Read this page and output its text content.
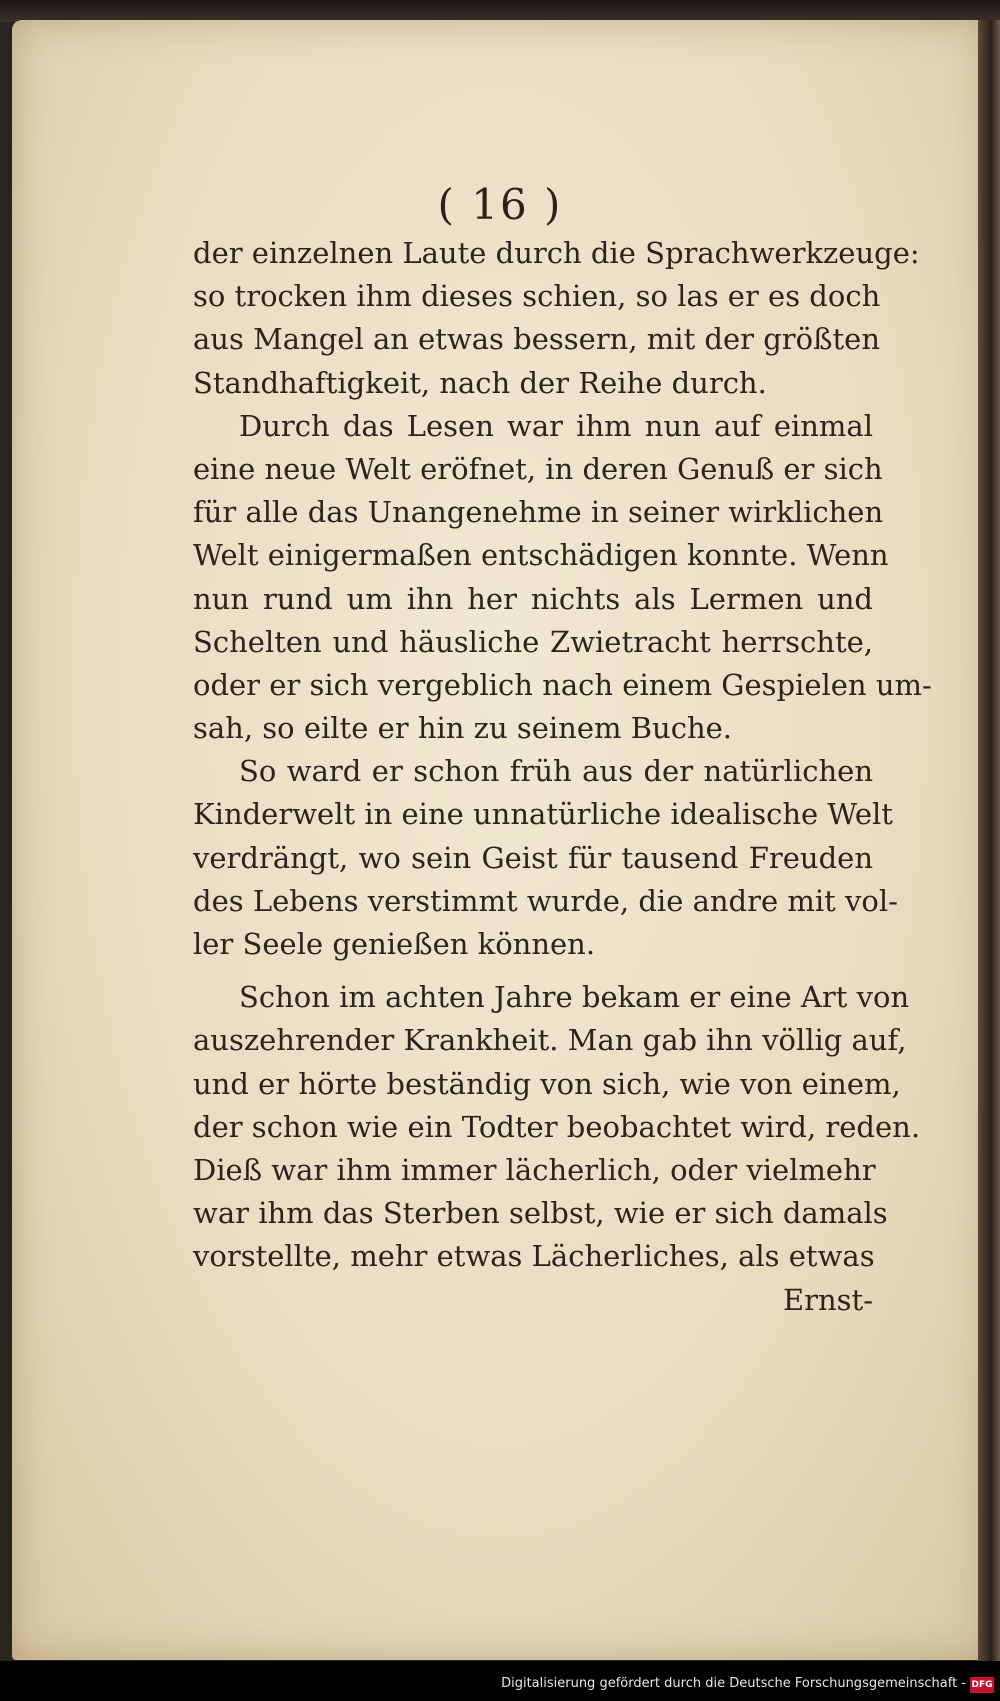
( 16 )
der einzelnen Laute durch die Sprachwerkzeuge:
so trocken ihm dieses schien, so las er es doch
aus Mangel an etwas bessern, mit der größten
Standhaftigkeit, nach der Reihe durch.
Durch das Lesen war ihm nun auf einmal
eine neue Welt eröfnet, in deren Genuß er sich
für alle das Unangenehme in seiner wirklichen
Welt einigermaßen entschädigen konnte. Wenn
nun rund um ihn her nichts als Lermen und
Schelten und häusliche Zwietracht herrschte,
oder er sich vergeblich nach einem Gespielen um-
sah, so eilte er hin zu seinem Buche.
So ward er schon früh aus der natürlichen
Kinderwelt in eine unnatürliche idealische Welt
verdrängt, wo sein Geist für tausend Freuden
des Lebens verstimmt wurde, die andre mit vol-
ler Seele genießen können.
Schon im achten Jahre bekam er eine Art von
auszehrender Krankheit. Man gab ihn völlig auf,
und er hörte beständig von sich, wie von einem,
der schon wie ein Todter beobachtet wird, reden.
Dieß war ihm immer lächerlich, oder vielmehr
war ihm das Sterben selbst, wie er sich damals
vorstellte, mehr etwas Lächerliches, als etwas
Ernst-
Digitalisierung gefördert durch die Deutsche Forschungsgemeinschaft - DFG
